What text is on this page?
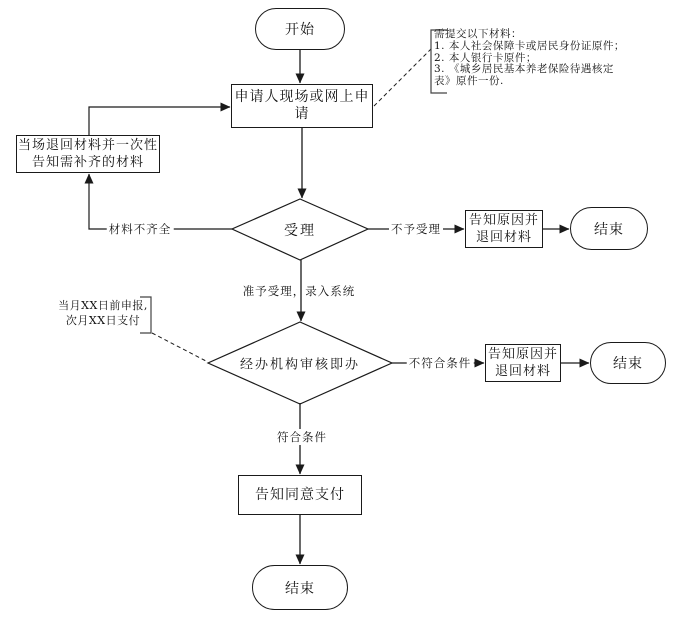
开始
申请人现场或网上申请
当场退回材料并一次性
告知需补齐的材料
告知原因并
退回材料	结束
告知原因并
退回材料	结束
告知同意支付
结束
受理
经办机构审核即办
材料不齐全	不予受理
准予受理，录入系统
不符合条件
符合条件
需提交以下材料：
1. 本人社会保障卡或居民身份证原件；
2. 本人银行卡原件；
3. 《城乡居民基本养老保险待遇核定
表》原件一份.
当月XX日前申报,
次月XX日支付
